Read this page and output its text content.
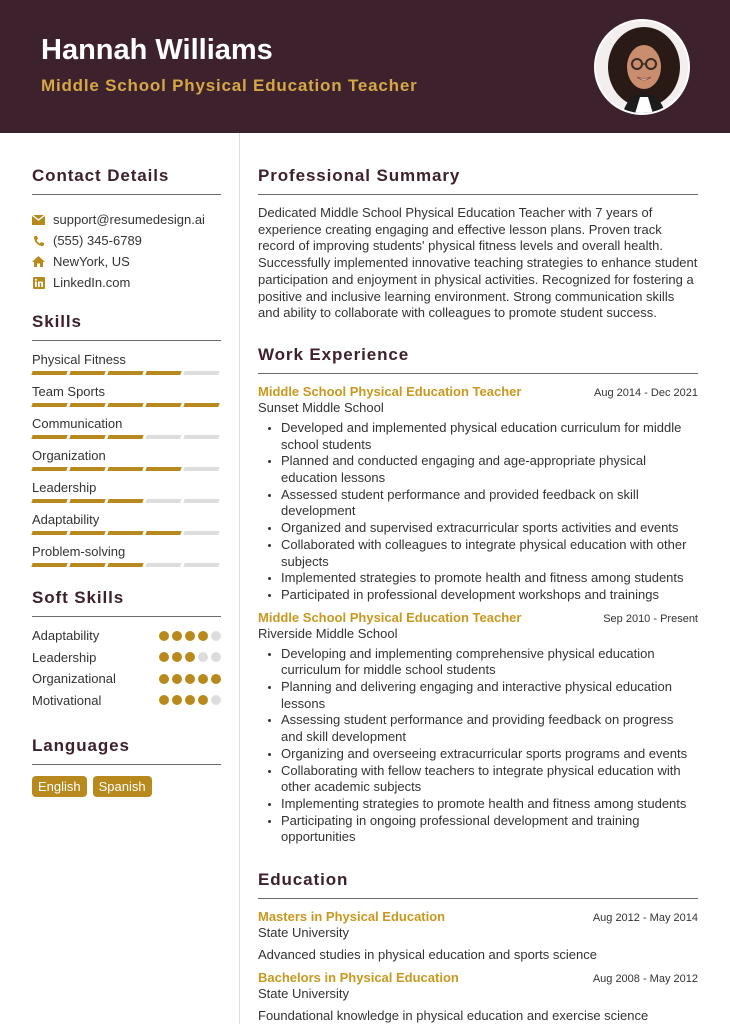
Hannah Williams
Middle School Physical Education Teacher
Contact Details
support@resumedesign.ai
(555) 345-6789
NewYork, US
LinkedIn.com
Skills
Physical Fitness
Team Sports
Communication
Organization
Leadership
Adaptability
Problem-solving
Soft Skills
Adaptability
Leadership
Organizational
Motivational
Languages
English	Spanish
Professional Summary
Dedicated Middle School Physical Education Teacher with 7 years of experience creating engaging and effective lesson plans. Proven track record of improving students' physical fitness levels and overall health. Successfully implemented innovative teaching strategies to enhance student participation and enjoyment in physical activities. Recognized for fostering a positive and inclusive learning environment. Strong communication skills and ability to collaborate with colleagues to promote student success.
Work Experience
Middle School Physical Education Teacher	Aug 2014 - Dec 2021
Sunset Middle School
• Developed and implemented physical education curriculum for middle school students
• Planned and conducted engaging and age-appropriate physical education lessons
• Assessed student performance and provided feedback on skill development
• Organized and supervised extracurricular sports activities and events
• Collaborated with colleagues to integrate physical education with other subjects
• Implemented strategies to promote health and fitness among students
• Participated in professional development workshops and trainings
Middle School Physical Education Teacher	Sep 2010 - Present
Riverside Middle School
• Developing and implementing comprehensive physical education curriculum for middle school students
• Planning and delivering engaging and interactive physical education lessons
• Assessing student performance and providing feedback on progress and skill development
• Organizing and overseeing extracurricular sports programs and events
• Collaborating with fellow teachers to integrate physical education with other academic subjects
• Implementing strategies to promote health and fitness among students
• Participating in ongoing professional development and training opportunities
Education
Masters in Physical Education	Aug 2012 - May 2014
State University
Advanced studies in physical education and sports science
Bachelors in Physical Education	Aug 2008 - May 2012
State University
Foundational knowledge in physical education and exercise science
